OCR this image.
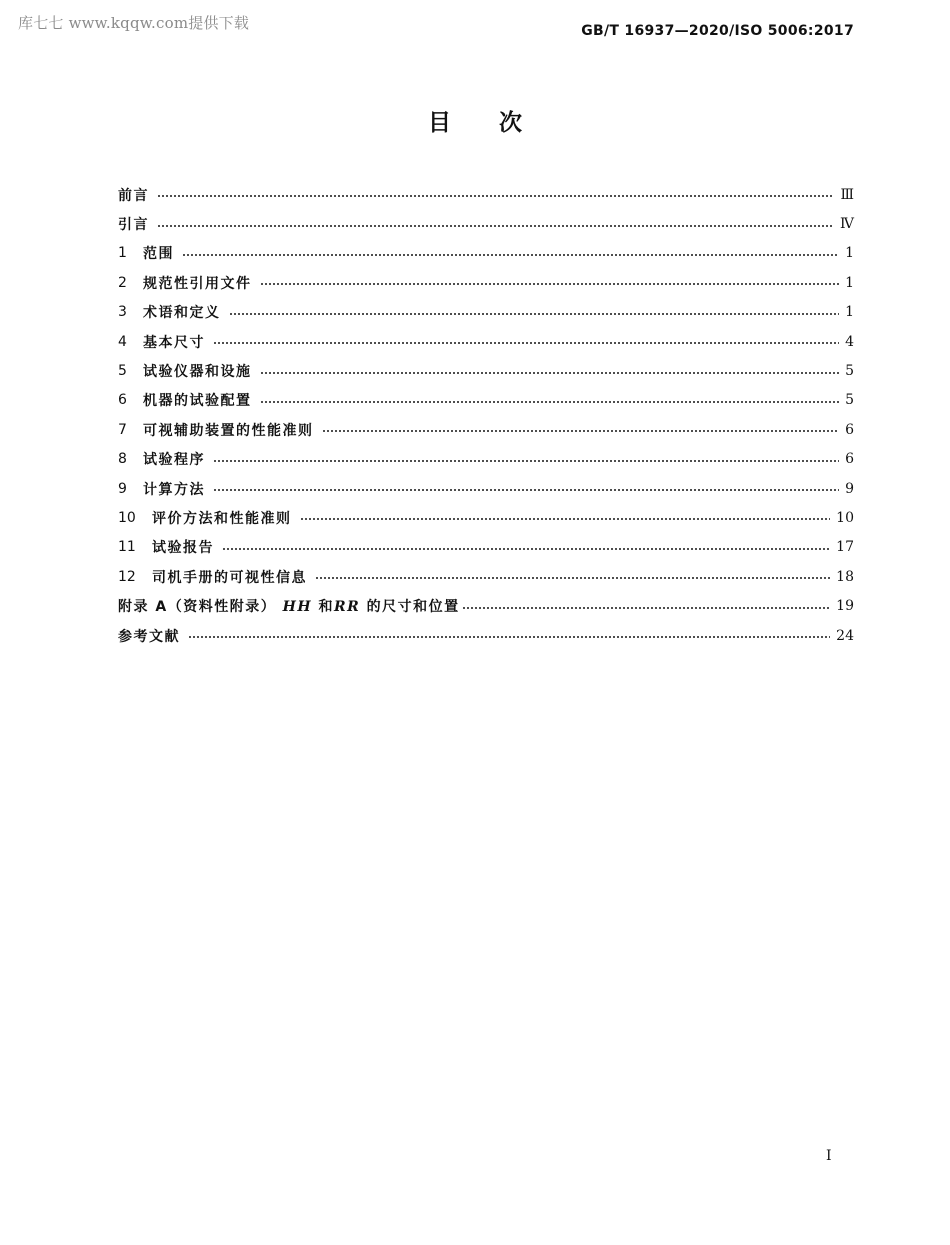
库七七 www.kqqw.com提供下载	GB/T 16937—2020/ISO 5006:2017
目 次
前言	Ⅲ
引言	Ⅳ
1	范围	1
2	规范性引用文件	1
3	术语和定义	1
4	基本尺寸	4
5	试验仪器和设施	5
6	机器的试验配置	5
7	可视辅助装置的性能准则	6
8	试验程序	6
9	计算方法	9
10	评价方法和性能准则	10
11	试验报告	17
12	司机手册的可视性信息	18
附录 A（资料性附录） HH 和RR 的尺寸和位置	19
参考文献	24
I
